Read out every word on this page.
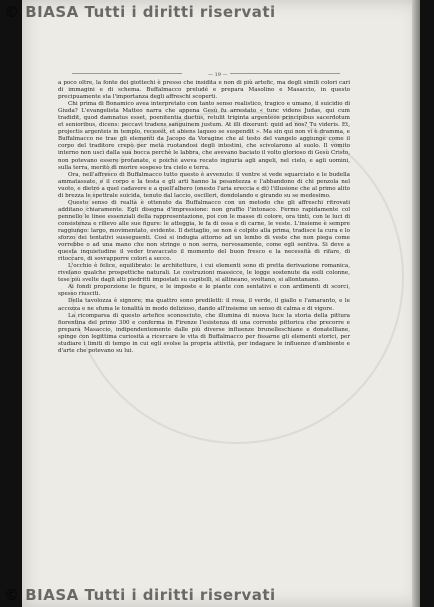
© BIASA Tutti i diritti riservati
— 19 —

a poco oltre, la fonte dei giottechi è presso che insidita e non di più artefic, ma degli simili colori cari di immagini e di schema. Buffalmacco preludé e prepara Masolino e Masaccio, in questo precipuamente sta l'importanza degli affreschi scoperti.

Chi prima di Bonamico avea interpretato con tanto senso realistico, tragico e umano, il suicidio di Giuda? L'evangelista Matteo narra che appena Gesù fu arrestato « tunc videns Judas, qui cum tradidit, quod damnatus esset, poenitentia ductus, retulit triginta argenteos principibus sacerdotum et senioribus, dicens: peccavi tradens sanguinem justum. At illi dixerunt: quid ad nos? Tu videris. Et, projectis argenteis in templo, recessit, et abiens laqueo se suspendit ». Ma sin qui non vi è dramma, e Buffalmacco ne trae gli elementi da Jacopo da Voragine che al testo del vangelo aggiunge come il corpo del traditore crepò per metà ruotandosi degli intestini, che scivolarono al suolo. Il vomito interno non uscì dalla sua bocca perchè le labbra, che avevano baciato il volto glorioso di Gesù Cristo, non potevano essere profanate, e poichè aveva recato ingiuria agli angeli, nel cielo, e agli uomini, sulla terra, meritò di morire sospeso tra cielo e terra.

Ora, nell'affresco di Buffalmacco tutto questo è avvenuto: il ventre si vede squarciato e le budella ammatassate, e il corpo e la testa e gli arti hanno la pesantezza e l'abbandono di chi penzola nel vuoto, e dietro a quel cadavere e a quell'albero (onesto l'aria ereccia e di) l'illusione che al primo alito di brezza le spettrale suicida, tenuto dal laccio, oscilleri, dondolando e girando su se medesimo.

Questo senso di realtà è ottenuto da Buffalmacco con un metodo che gli affreschi ritrovati additano chiaramente. Egli disegna d'impressione: non graffio l'intonaco. Fermo rapidamente col pennello le linee essenziali della rappresentazione, poi con le masse di colore, ora tinti, con le luci di consistenza e rilievo alle sue figure: le atteggia, le fa di ossa e di carne, le veste. L'insieme è sempre raggiungo: largo, movimentato, evidente. Il dettaglio, se non è colpito alla prima, tradisce la cura e lo sforzo dei tentativi susseguenti. Così si indugia attorno ad un lembo di veste che non piega come vorrebbe o ad una mano che non stringe o non serra, nervosamente, come egli sentiva. Si deve a questa inquietudine il veder travaccato il momento del buon fresco e la necessità di rifare, di ritoccare, di sovrapporre colori a secco.

L'occhio è felice, equilibrato: le architetture, i cui elementi sono di pretta derivazione romanica, rivelano qualche prospettiche naturali. Le costruzioni massicce, le logge sostenute da esili colonne, tese più svelte dagli alti piedritti impostati su capitelli, si allineano, svoltano, si allontanano.

Ai fondi proporzione le figure, e le imposte e le piante con sentativi e con ardimenti di scorci, spesso riusciti.

Della tavolozza è signore; ma quattro sono prediletti: il rosa, il verde, il giallo e l'amaranto, e le accozza e ne sfuma le tonalità in modo delizioso, dando all'insieme un senso di calma e di vigore.

La ricomparsa di questo artefice sconosciuto, che illumina di nuova luce la storia della pittura fiorentina del primo 300 e conferma in Firenze l'esistenza di una corrente pittorica che precorre e prepara Masaccio, indipendentemente dalle più diverse influenze brunelleschiane e donatelliane, spinge con legittima curiosità a ricercare le vita di Buffalmacco per fissarne gli elementi storici, per studiare i limiti di tempo in cui egli svolse la propria attività, per indagare le influenze d'ambiente e d'arte che potevano su lui.

© BIASA Tutti i diritti riservati
